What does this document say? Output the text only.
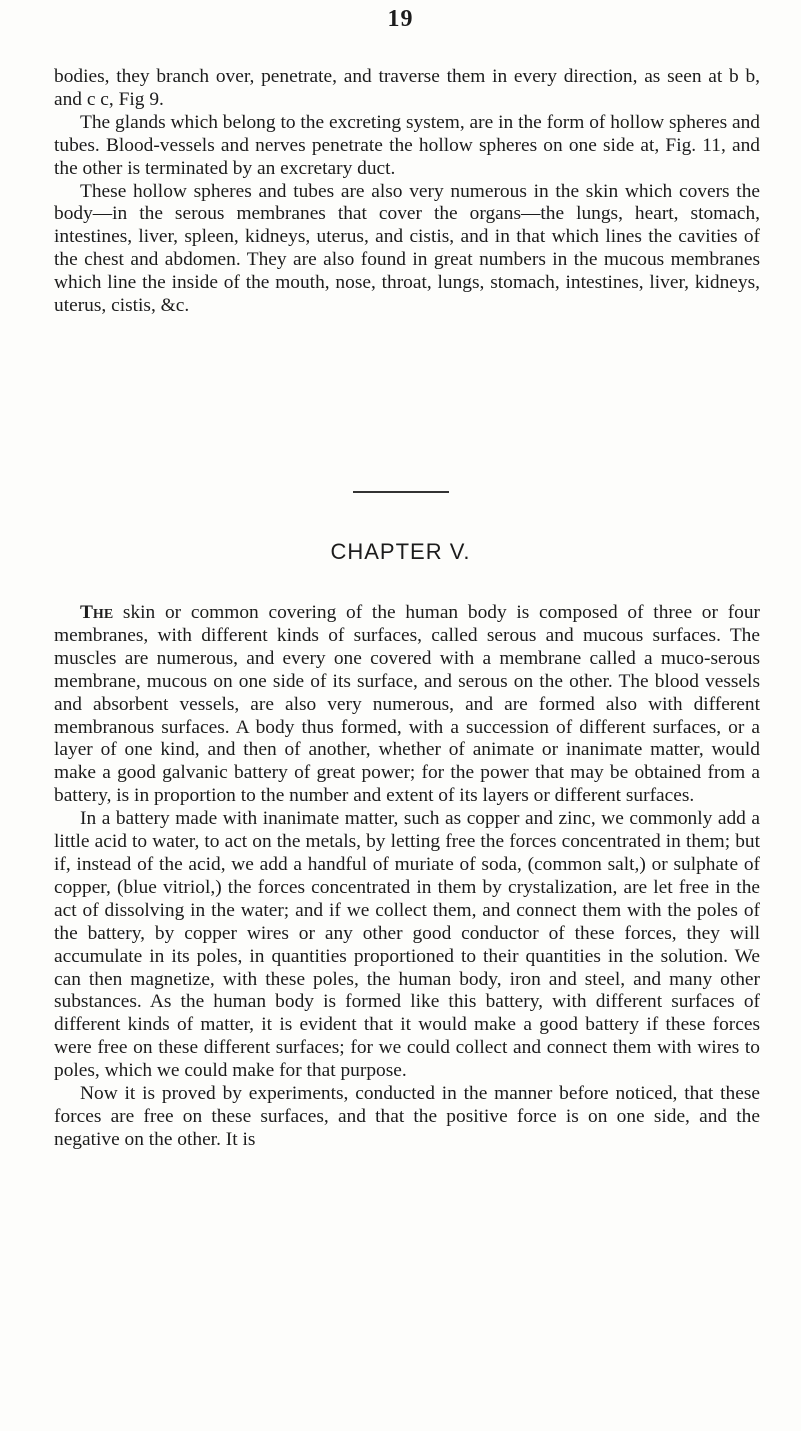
19

bodies, they branch over, penetrate, and traverse them in every direction, as seen at b b, and c c, Fig 9.

The glands which belong to the excreting system, are in the form of hollow spheres and tubes. Blood-vessels and nerves penetrate the hollow spheres on one side at, Fig. 11, and the other is terminated by an excretary duct.

These hollow spheres and tubes are also very numerous in the skin which covers the body—in the serous membranes that cover the organs—the lungs, heart, stomach, intestines, liver, spleen, kidneys, uterus, and cistis, and in that which lines the cavities of the chest and abdomen. They are also found in great numbers in the mucous membranes which line the inside of the mouth, nose, throat, lungs, stomach, intestines, liver, kidneys, uterus, cistis, &c.

CHAPTER V.

The skin or common covering of the human body is composed of three or four membranes, with different kinds of surfaces, called serous and mucous surfaces. The muscles are numerous, and every one covered with a membrane called a muco-serous membrane, mucous on one side of its surface, and serous on the other. The blood vessels and absorbent vessels, are also very numerous, and are formed also with different membranous surfaces. A body thus formed, with a succession of different surfaces, or a layer of one kind, and then of another, whether of animate or inanimate matter, would make a good galvanic battery of great power; for the power that may be obtained from a battery, is in proportion to the number and extent of its layers or different surfaces.

In a battery made with inanimate matter, such as copper and zinc, we commonly add a little acid to water, to act on the metals, by letting free the forces concentrated in them; but if, instead of the acid, we add a handful of muriate of soda, (common salt,) or sulphate of copper, (blue vitriol,) the forces concentrated in them by crystalization, are let free in the act of dissolving in the water; and if we collect them, and connect them with the poles of the battery, by copper wires or any other good conductor of these forces, they will accumulate in its poles, in quantities proportioned to their quantities in the solution. We can then magnetize, with these poles, the human body, iron and steel, and many other substances. As the human body is formed like this battery, with different surfaces of different kinds of matter, it is evident that it would make a good battery if these forces were free on these different surfaces; for we could collect and connect them with wires to poles, which we could make for that purpose.

Now it is proved by experiments, conducted in the manner before noticed, that these forces are free on these surfaces, and that the positive force is on one side, and the negative on the other. It is
